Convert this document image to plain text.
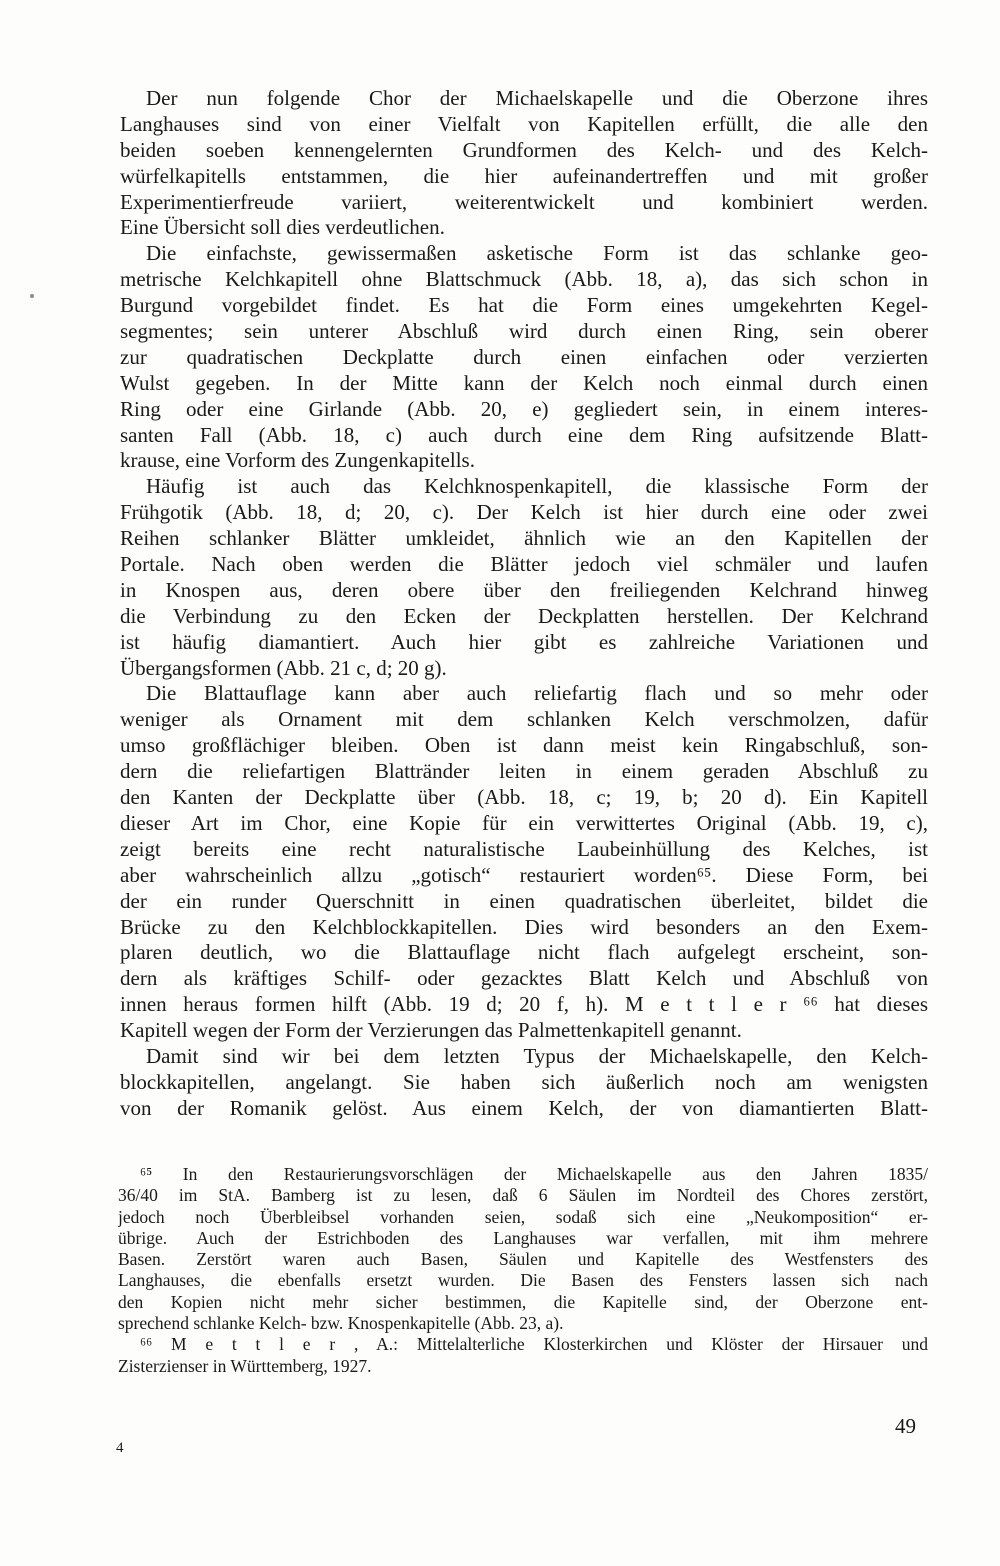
Der nun folgende Chor der Michaelskapelle und die Oberzone ihres
Langhauses sind von einer Vielfalt von Kapitellen erfüllt, die alle den
beiden soeben kennengelernten Grundformen des Kelch- und des Kelch-
würfelkapitells entstammen, die hier aufeinandertreffen und mit großer
Experimentierfreude variiert, weiterentwickelt und kombiniert werden.
Eine Übersicht soll dies verdeutlichen.
Die einfachste, gewissermaßen asketische Form ist das schlanke geo-
metrische Kelchkapitell ohne Blattschmuck (Abb. 18, a), das sich schon in
Burgund vorgebildet findet. Es hat die Form eines umgekehrten Kegel-
segmentes; sein unterer Abschluß wird durch einen Ring, sein oberer
zur quadratischen Deckplatte durch einen einfachen oder verzierten
Wulst gegeben. In der Mitte kann der Kelch noch einmal durch einen
Ring oder eine Girlande (Abb. 20, e) gegliedert sein, in einem interes-
santen Fall (Abb. 18, c) auch durch eine dem Ring aufsitzende Blatt-
krause, eine Vorform des Zungenkapitells.
Häufig ist auch das Kelchknospenkapitell, die klassische Form der
Frühgotik (Abb. 18, d; 20, c). Der Kelch ist hier durch eine oder zwei
Reihen schlanker Blätter umkleidet, ähnlich wie an den Kapitellen der
Portale. Nach oben werden die Blätter jedoch viel schmäler und laufen
in Knospen aus, deren obere über den freiliegenden Kelchrand hinweg
die Verbindung zu den Ecken der Deckplatten herstellen. Der Kelchrand
ist häufig diamantiert. Auch hier gibt es zahlreiche Variationen und
Übergangsformen (Abb. 21 c, d; 20 g).
Die Blattauflage kann aber auch reliefartig flach und so mehr oder
weniger als Ornament mit dem schlanken Kelch verschmolzen, dafür
umso großflächiger bleiben. Oben ist dann meist kein Ringabschluß, son-
dern die reliefartigen Blattränder leiten in einem geraden Abschluß zu
den Kanten der Deckplatte über (Abb. 18, c; 19, b; 20 d). Ein Kapitell
dieser Art im Chor, eine Kopie für ein verwittertes Original (Abb. 19, c),
zeigt bereits eine recht naturalistische Laubeinhüllung des Kelches, ist
aber wahrscheinlich allzu „gotisch“ restauriert worden⁶⁵. Diese Form, bei
der ein runder Querschnitt in einen quadratischen überleitet, bildet die
Brücke zu den Kelchblockkapitellen. Dies wird besonders an den Exem-
plaren deutlich, wo die Blattauflage nicht flach aufgelegt erscheint, son-
dern als kräftiges Schilf- oder gezacktes Blatt Kelch und Abschluß von
innen heraus formen hilft (Abb. 19 d; 20 f, h). M e t t l e r ⁶⁶ hat dieses
Kapitell wegen der Form der Verzierungen das Palmettenkapitell genannt.
Damit sind wir bei dem letzten Typus der Michaelskapelle, den Kelch-
blockkapitellen, angelangt. Sie haben sich äußerlich noch am wenigsten
von der Romanik gelöst. Aus einem Kelch, der von diamantierten Blatt-
⁶⁵ In den Restaurierungsvorschlägen der Michaelskapelle aus den Jahren 1835/
36/40 im StA. Bamberg ist zu lesen, daß 6 Säulen im Nordteil des Chores zerstört,
jedoch noch Überbleibsel vorhanden seien, sodaß sich eine „Neukomposition“ er-
übrige. Auch der Estrichboden des Langhauses war verfallen, mit ihm mehrere
Basen. Zerstört waren auch Basen, Säulen und Kapitelle des Westfensters des
Langhauses, die ebenfalls ersetzt wurden. Die Basen des Fensters lassen sich nach
den Kopien nicht mehr sicher bestimmen, die Kapitelle sind, der Oberzone ent-
sprechend schlanke Kelch- bzw. Knospenkapitelle (Abb. 23, a).
⁶⁶ M e t t l e r , A.: Mittelalterliche Klosterkirchen und Klöster der Hirsauer und
Zisterzienser in Württemberg, 1927.
49
4
